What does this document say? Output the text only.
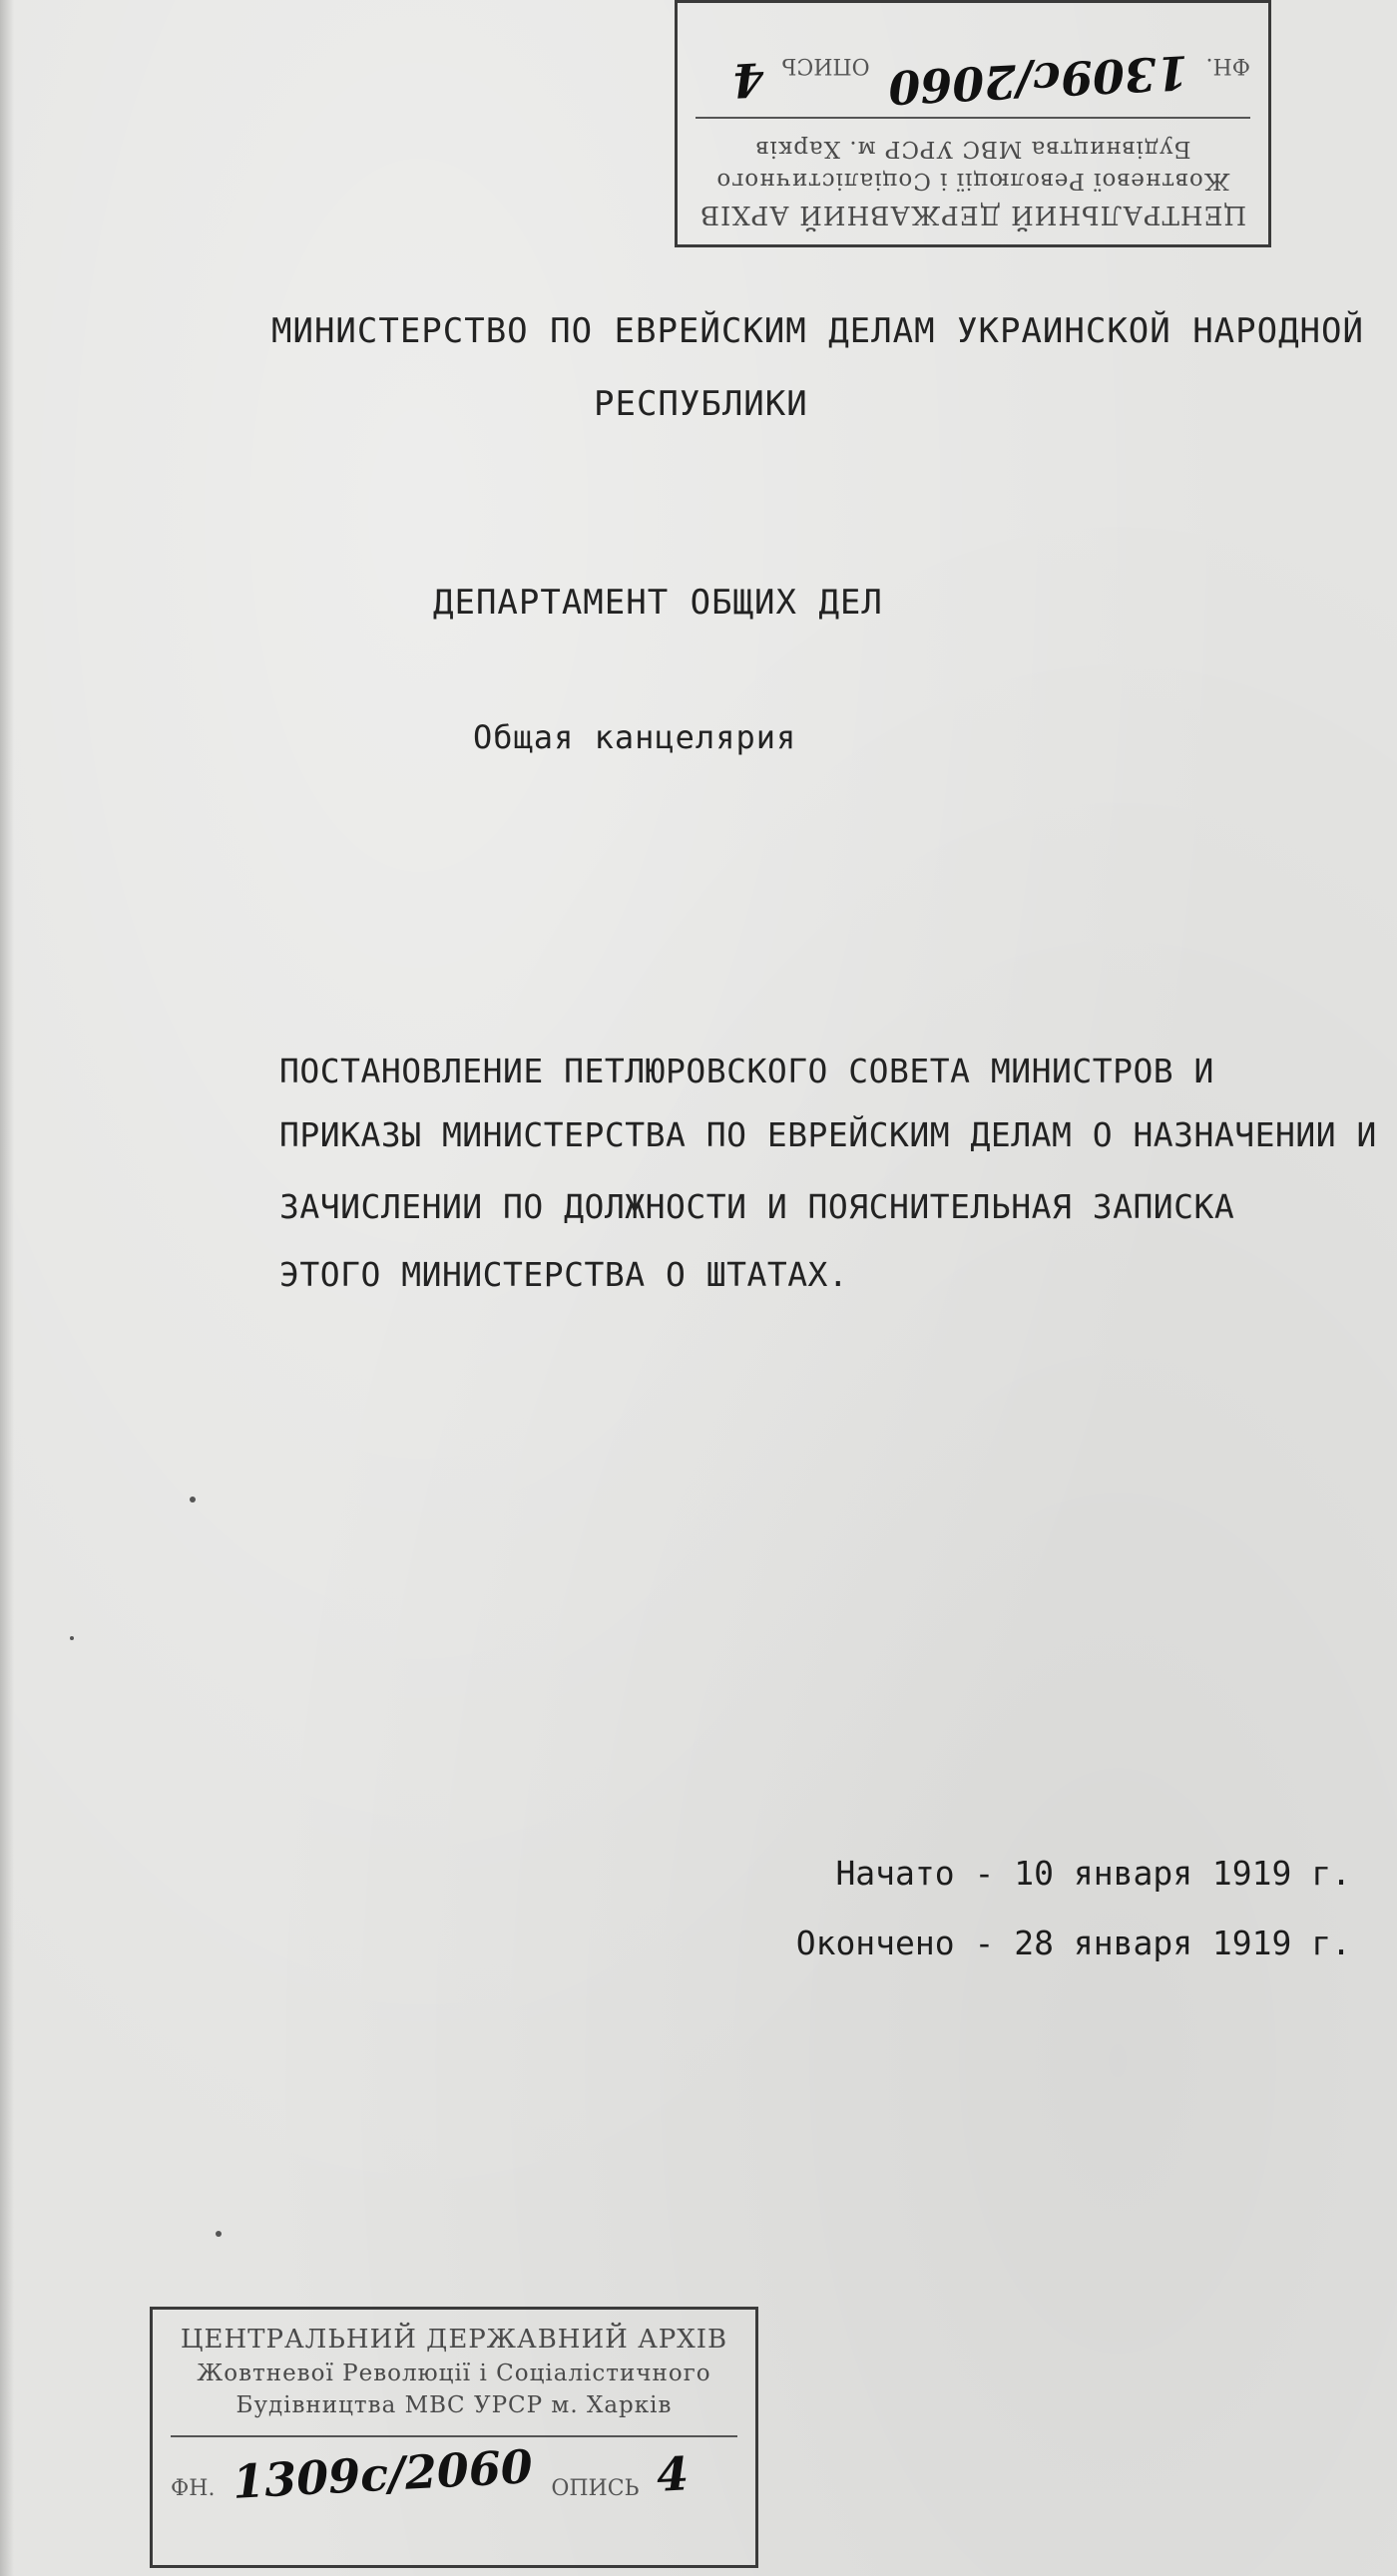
ЦЕНТРАЛЬНИЙ ДЕРЖАВНИЙ АРХІВ
Жовтневої Революції і Соціалістичного
Будівництва МВС УРСР м. Харків
ФН.
1309с/2060
ОПИСЬ
4
МИНИСТЕРСТВО ПО ЕВРЕЙСКИМ ДЕЛАМ УКРАИНСКОЙ НАРОДНОЙ
РЕСПУБЛИКИ
ДЕПАРТАМЕНТ ОБЩИХ ДЕЛ
Общая канцелярия
ПОСТАНОВЛЕНИЕ ПЕТЛЮРОВСКОГО СОВЕТА МИНИСТРОВ И
ПРИКАЗЫ МИНИСТЕРСТВА ПО ЕВРЕЙСКИМ ДЕЛАМ О НАЗНАЧЕНИИ И
ЗАЧИСЛЕНИИ ПО ДОЛЖНОСТИ И ПОЯСНИТЕЛЬНАЯ ЗАПИСКА
ЭТОГО МИНИСТЕРСТВА О ШТАТАХ.
Начато - 10 января 1919 г.
Окончено - 28 января 1919 г.
ЦЕНТРАЛЬНИЙ ДЕРЖАВНИЙ АРХІВ
Жовтневої Революції і Соціалістичного
Будівництва МВС УРСР м. Харків
ФН. 1309с/2060 ОПИСЬ 4
